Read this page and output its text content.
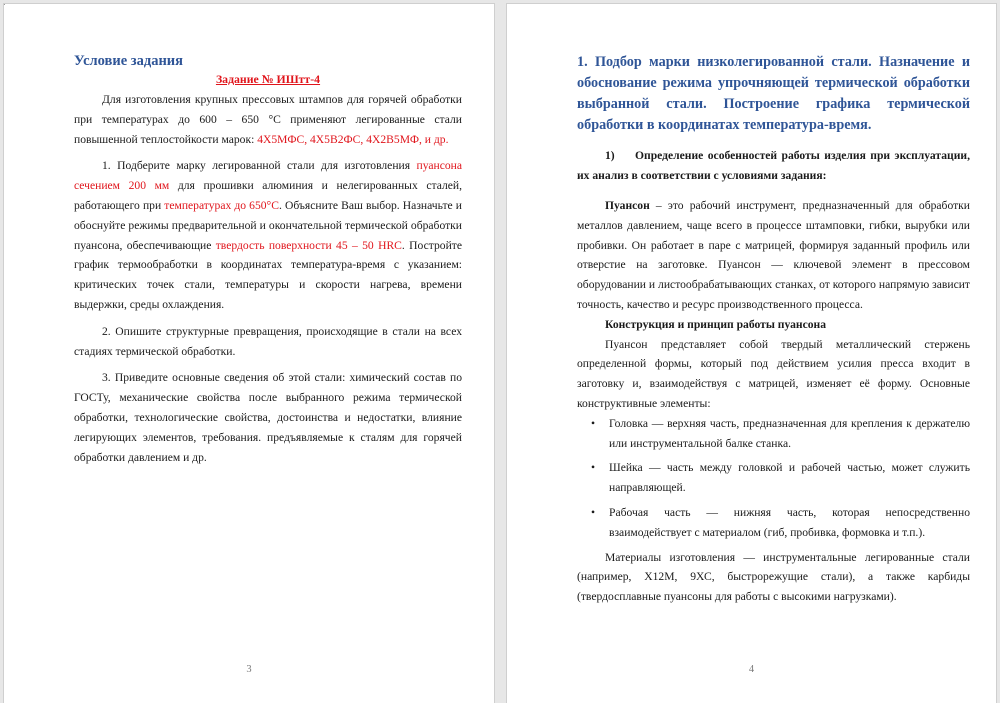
Условие задания
Задание № ИШтт-4

Для изготовления крупных прессовых штампов для горячей обработки при температурах до 600 – 650 °С применяют легированные стали повышенной теплостойкости марок: 4Х5МФС, 4Х5В2ФС, 4Х2В5МФ, и др.

1. Подберите марку легированной стали для изготовления пуансона сечением 200 мм для прошивки алюминия и нелегированных сталей, работающего при температурах до 650°С. Объясните Ваш выбор. Назначьте и обоснуйте режимы предварительной и окончательной термической обработки пуансона, обеспечивающие твердость поверхности 45 – 50 HRC. Постройте график термообработки в координатах температура-время с указанием: критических точек стали, температуры и скорости нагрева, времени выдержки, среды охлаждения.

2. Опишите структурные превращения, происходящие в стали на всех стадиях термической обработки.

3. Приведите основные сведения об этой стали: химический состав по ГОСТу, механические свойства после выбранного режима термической обработки, технологические свойства, достоинства и недостатки, влияние легирующих элементов, требования. предъявляемые к сталям для горячей обработки давлением и др.

3
1. Подбор марки низколегированной стали. Назначение и обоснование режима упрочняющей термической обработки выбранной стали. Построение графика термической обработки в координатах температура-время.
1) Определение особенностей работы изделия при эксплуатации, их анализ в соответствии с условиями задания:

Пуансон – это рабочий инструмент, предназначенный для обработки металлов давлением, чаще всего в процессе штамповки, гибки, вырубки или пробивки. Он работает в паре с матрицей, формируя заданный профиль или отверстие на заготовке. Пуансон — ключевой элемент в прессовом оборудовании и листообрабатывающих станках, от которого напрямую зависит точность, качество и ресурс производственного процесса.

Конструкция и принцип работы пуансона

Пуансон представляет собой твердый металлический стержень определенной формы, который под действием усилия пресса входит в заготовку и, взаимодействуя с матрицей, изменяет её форму. Основные конструктивные элементы:

• Головка — верхняя часть, предназначенная для крепления к держателю или инструментальной балке станка.
• Шейка — часть между головкой и рабочей частью, может служить направляющей.
• Рабочая часть — нижняя часть, которая непосредственно взаимодействует с материалом (гиб, пробивка, формовка и т.п.).

Материалы изготовления — инструментальные легированные стали (например, Х12М, 9ХС, быстрорежущие стали), а также карбиды (твердосплавные пуансоны для работы с высокими нагрузками).

4
